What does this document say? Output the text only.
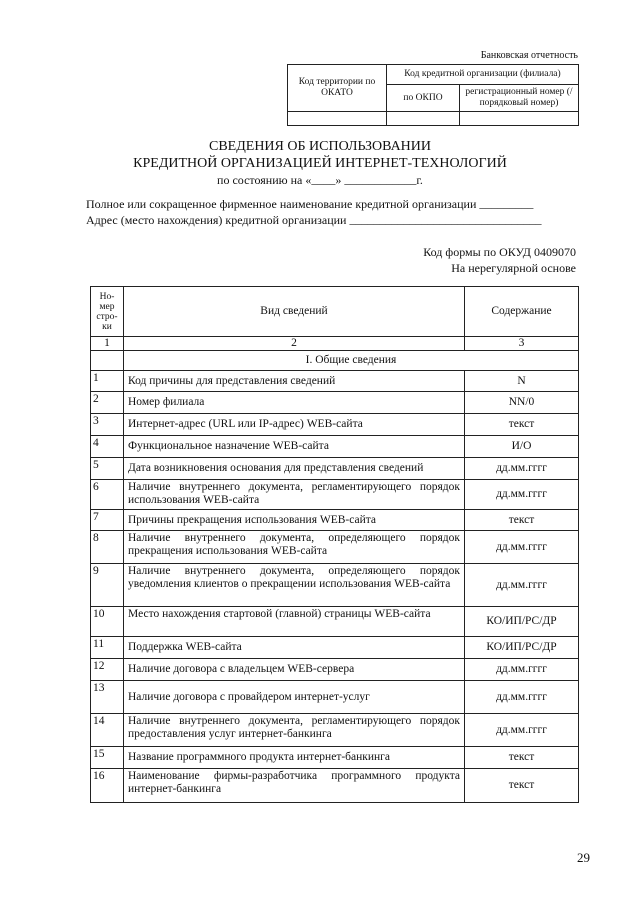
Банковская отчетность
Код территории по ОКАТО	Код кредитной организации (филиала)	
	по ОКПО	регистрационный номер (/порядковый номер)

СВЕДЕНИЯ ОБ ИСПОЛЬЗОВАНИИ
КРЕДИТНОЙ ОРГАНИЗАЦИЕЙ ИНТЕРНЕТ-ТЕХНОЛОГИЙ
по состоянию на «____» ____________г.
Полное или сокращенное фирменное наименование кредитной организации _________
Адрес (место нахождения) кредитной организации ________________________________
Код формы по ОКУД 0409070
На нерегулярной основе
Но-
мер
стро-
ки	Вид сведений	Содержание
1	2	3
	I. Общие сведения	
1	Код причины для представления сведений	N
2	Номер филиала	NN/0
3	Интернет-адрес (URL или IP-адрес) WEB-сайта	текст
4	Функциональное назначение WEB-сайта	И/О
5	Дата возникновения основания для представления сведений	дд.мм.гггг
6	Наличие внутреннего документа, регламентирующего порядок использования WEB-сайта	дд.мм.гггг
7	Причины прекращения использования WEB-сайта	текст
8	Наличие внутреннего документа, определяющего порядок прекращения использования WEB-сайта	дд.мм.гггг
9	Наличие внутреннего документа, определяющего порядок уведомления клиентов о прекращении использования WEB-сайта	дд.мм.гггг
10	Место нахождения стартовой (главной) страницы WEB-сайта	КО/ИП/РС/ДР
11	Поддержка WEB-сайта	КО/ИП/РС/ДР
12	Наличие договора с владельцем WEB-сервера	дд.мм.гггг
13	Наличие договора с провайдером интернет-услуг	дд.мм.гггг
14	Наличие внутреннего документа, регламентирующего порядок предоставления услуг интернет-банкинга	дд.мм.гггг
15	Название программного продукта интернет-банкинга	текст
16	Наименование фирмы-разработчика программного продукта интернет-банкинга	текст
29
